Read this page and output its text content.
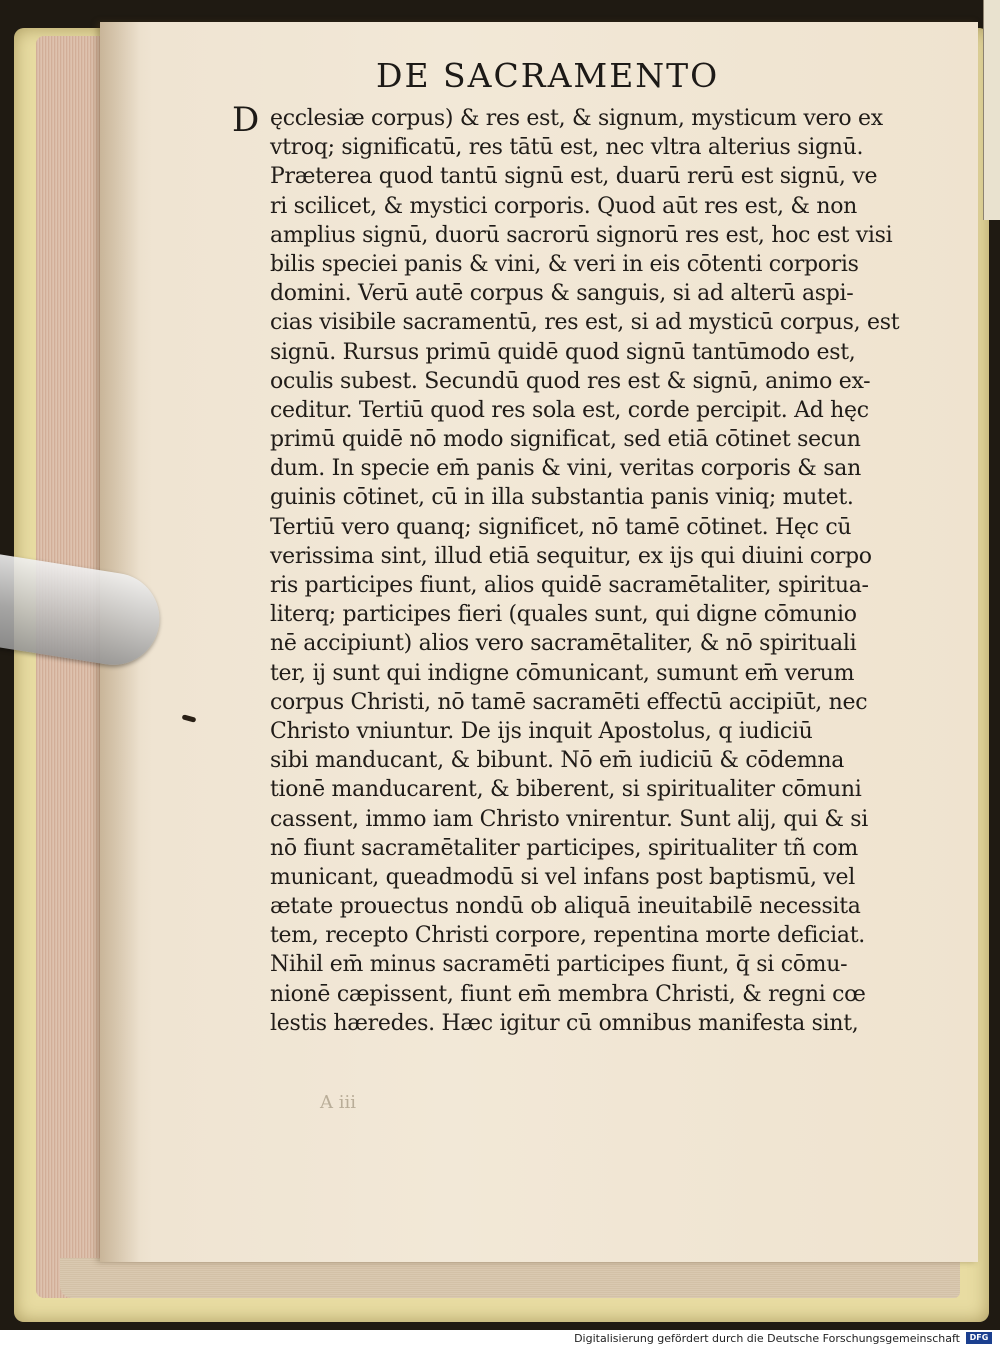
DE SACRAMENTO
D ęcclesiæ corpus) & res est, & signum, mysticum vero ex
vtroq; significatū, res tātū est, nec vltra alterius signū.
Præterea quod tantū signū est, duarū rerū est signū, ve
ri scilicet, & mystici corporis. Quod aūt res est, & non
amplius signū, duorū sacrorū signorū res est, hoc est visi
bilis speciei panis & vini, & veri in eis cōtenti corporis
domini. Verū autē corpus & sanguis, si ad alterū aspi-
cias visibile sacramentū, res est, si ad mysticū corpus, est
signū. Rursus primū quidē quod signū tantūmodo est,
oculis subest. Secundū quod res est & signū, animo ex-
ceditur. Tertiū quod res sola est, corde percipit. Ad hęc
primū quidē nō modo significat, sed etiā cōtinet secun
dum. In specie em̄ panis & vini, veritas corporis & san
guinis cōtinet, cū in illa substantia panis viniq; mutet.
Tertiū vero quanq; significet, nō tamē cōtinet. Hęc cū
verissima sint, illud etiā sequitur, ex ijs qui diuini corpo
ris participes fiunt, alios quidē sacramētaliter, spiritua-
literq; participes fieri (quales sunt, qui digne cōmunio
nē accipiunt) alios vero sacramētaliter, & nō spirituali
ter, ij sunt qui indigne cōmunicant, sumunt em̄ verum
corpus Christi, nō tamē sacramēti effectū accipiūt, nec
Christo vniuntur. De ijs inquit Apostolus, q iudiciū
sibi manducant, & bibunt. Nō em̄ iudiciū & cōdemna
tionē manducarent, & biberent, si spiritualiter cōmuni
cassent, immo iam Christo vnirentur. Sunt alij, qui & si
nō fiunt sacramētaliter participes, spiritualiter tñ com
municant, queadmodū si vel infans post baptismū, vel
ætate prouectus nondū ob aliquā ineuitabilē necessita
tem, recepto Christi corpore, repentina morte deficiat.
Nihil em̄ minus sacramēti participes fiunt, q̄ si cōmu-
nionē cæpissent, fiunt em̄ membra Christi, & regni cœ
lestis hæredes. Hæc igitur cū omnibus manifesta sint,
A iii
Digitalisierung gefördert durch die Deutsche Forschungsgemeinschaft	DFG
